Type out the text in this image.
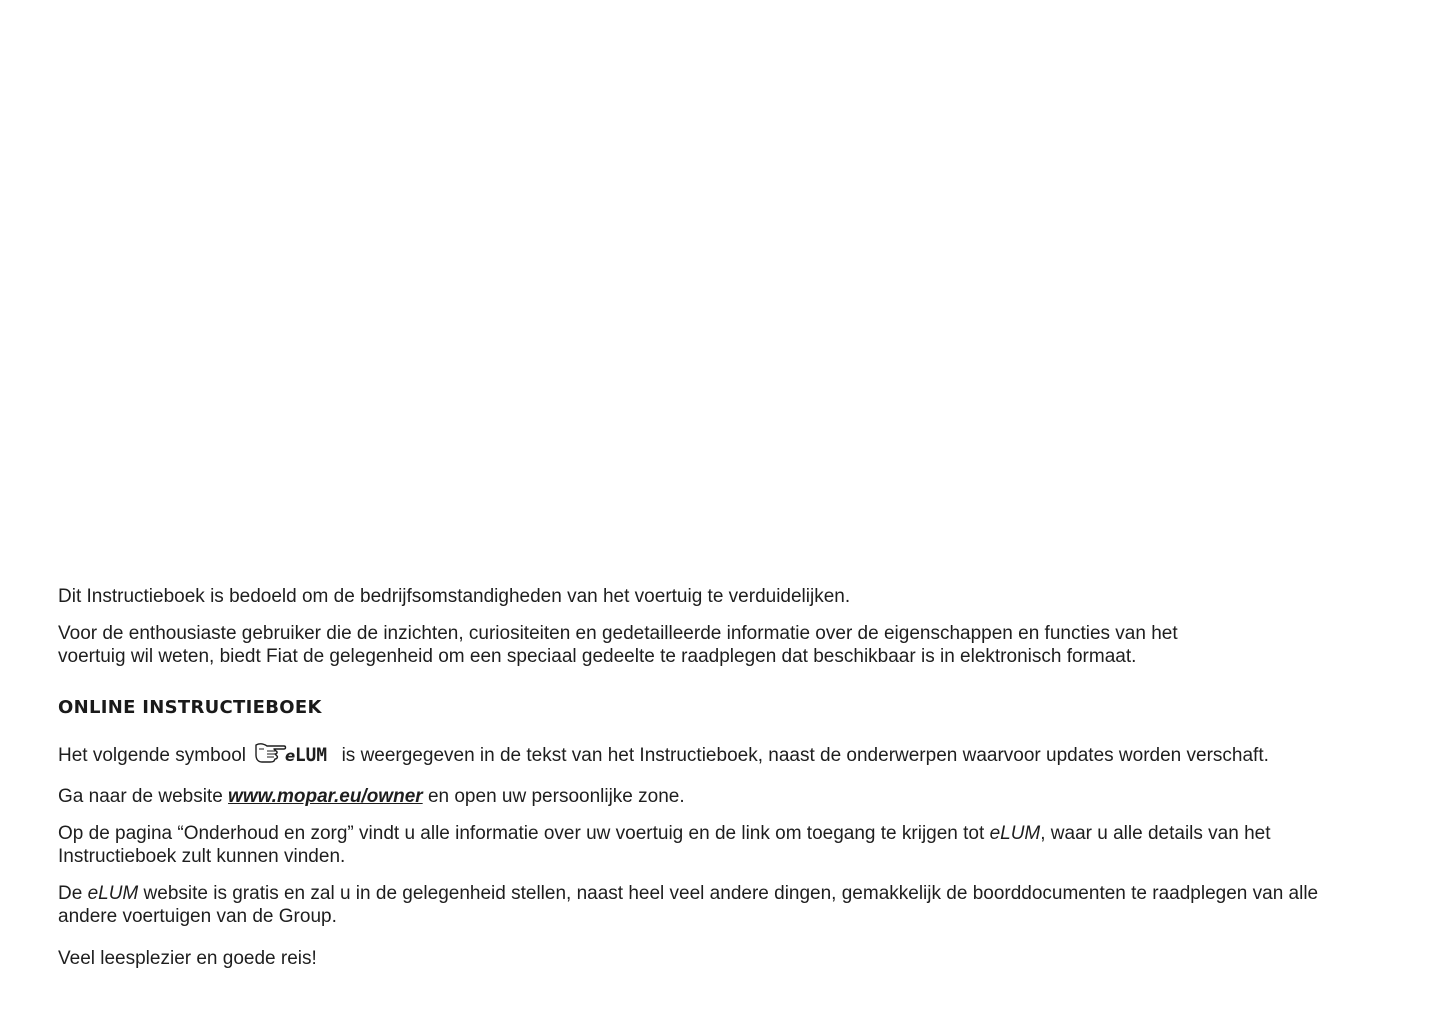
Dit Instructieboek is bedoeld om de bedrijfsomstandigheden van het voertuig te verduidelijken.

Voor de enthousiaste gebruiker die de inzichten, curiositeiten en gedetailleerde informatie over de eigenschappen en functies van het
voertuig wil weten, biedt Fiat de gelegenheid om een speciaal gedeelte te raadplegen dat beschikbaar is in elektronisch formaat.

ONLINE INSTRUCTIEBOEK

Het volgende symbool	e LUM is weergegeven in de tekst van het Instructieboek, naast de onderwerpen waarvoor updates worden verschaft.

Ga naar de website www.mopar.eu/owner en open uw persoonlijke zone.

Op de pagina “Onderhoud en zorg” vindt u alle informatie over uw voertuig en de link om toegang te krijgen tot eLUM, waar u alle details van het
Instructieboek zult kunnen vinden.

De eLUM website is gratis en zal u in de gelegenheid stellen, naast heel veel andere dingen, gemakkelijk de boorddocumenten te raadplegen van alle
andere voertuigen van de Group.

Veel leesplezier en goede reis!
